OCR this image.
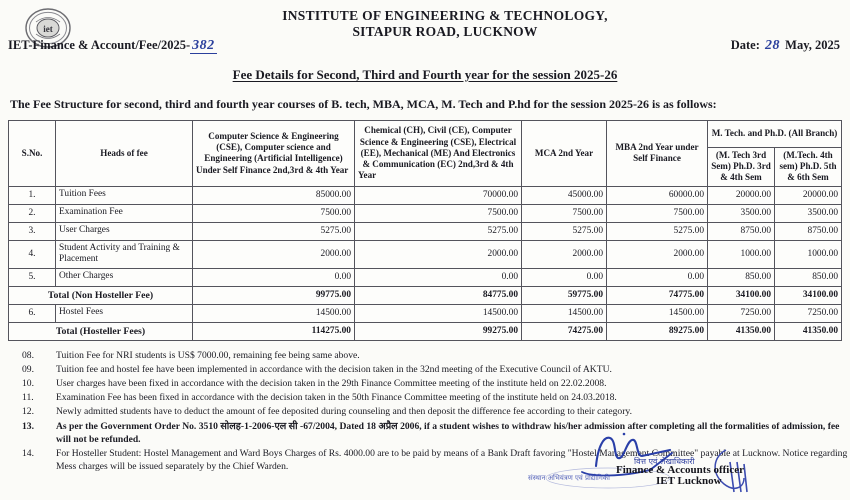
iet
INSTITUTE OF ENGINEERING & TECHNOLOGY,
SITAPUR ROAD, LUCKNOW
IET-Finance & Account/Fee/2025- 382	Date: 28 May, 2025
Fee Details for Second, Third and Fourth year for the session 2025-26
The Fee Structure for second, third and fourth year courses of B. tech, MBA, MCA, M. Tech and P.hd for the session 2025-26 is as follows:
S.No.	Heads of fee	Computer Science & Engineering (CSE), Computer science and Engineering (Artificial Intelligence) Under Self Finance 2nd,3rd & 4th Year	Chemical (CH), Civil (CE), Computer Science & Engineering (CSE), Electrical (EE), Mechanical (ME) And Electronics & Communication (EC) 2nd,3rd & 4th Year	MCA 2nd Year	MBA 2nd Year under Self Finance	M. Tech. and Ph.D. (All Branch)	
						(M. Tech 3rd Sem) Ph.D. 3rd & 4th Sem	(M.Tech. 4th sem) Ph.D. 5th & 6th Sem
1.	Tuition Fees	85000.00	70000.00	45000.00	60000.00	20000.00	20000.00
2.	Examination Fee	7500.00	7500.00	7500.00	7500.00	3500.00	3500.00
3.	User Charges	5275.00	5275.00	5275.00	5275.00	8750.00	8750.00
4.	Student Activity and Training & Placement	2000.00	2000.00	2000.00	2000.00	1000.00	1000.00
5.	Other Charges	0.00	0.00	0.00	0.00	850.00	850.00
Total (Non Hosteller Fee)		99775.00	84775.00	59775.00	74775.00	34100.00	34100.00
6.	Hostel Fees	14500.00	14500.00	14500.00	14500.00	7250.00	7250.00
Total (Hosteller Fees)		114275.00	99275.00	74275.00	89275.00	41350.00	41350.00
08.	Tuition Fee for NRI students is US$ 7000.00, remaining fee being same above.
09.	Tuition fee and hostel fee have been implemented in accordance with the decision taken in the 32nd meeting of the Executive Council of AKTU.
10.	User charges have been fixed in accordance with the decision taken in the 29th Finance Committee meeting of the institute held on 22.02.2008.
11.	Examination Fee has been fixed in accordance with the decision taken in the 50th Finance Committee meeting of the institute held on 24.03.2018.
12.	Newly admitted students have to deduct the amount of fee deposited during counseling and then deposit the difference fee according to their category.
13.	As per the Government Order No. 3510 सोलह-1-2006-एल सी -67/2004, Dated 18 अप्रैल 2006, if a student wishes to withdraw his/her admission after completing all the formalities of admission, fee will not be refunded.
14.	For Hosteller Student: Hostel Management and Ward Boys Charges of Rs. 4000.00 are to be paid by means of a Bank Draft favoring "Hostel Management Committee" payable at Lucknow. Notice regarding Mess charges will be issued separately by the Chief Warden.	वित्त एवं लेखाधिकारी
संस्थान अभियंत्रण एवं प्रौद्योगिकी
Finance & Accounts officer
IET Lucknow
